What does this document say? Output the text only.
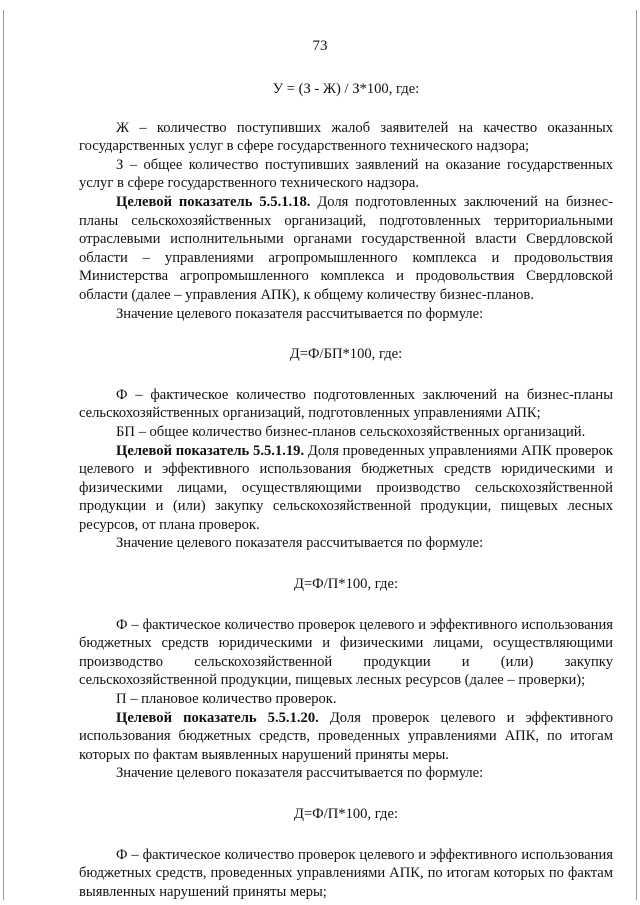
73

У = (З - Ж) / З*100, где:

Ж – количество поступивших жалоб заявителей на качество оказанных государственных услуг в сфере государственного технического надзора;

З – общее количество поступивших заявлений на оказание государственных услуг в сфере государственного технического надзора.

Целевой показатель 5.5.1.18. Доля подготовленных заключений на бизнес-планы сельскохозяйственных организаций, подготовленных территориальными отраслевыми исполнительными органами государственной власти Свердловской области – управлениями агропромышленного комплекса и продовольствия Министерства агропромышленного комплекса и продовольствия Свердловской области (далее – управления АПК), к общему количеству бизнес-планов.

Значение целевого показателя рассчитывается по формуле:

Д=Ф/БП*100, где:

Ф – фактическое количество подготовленных заключений на бизнес-планы сельскохозяйственных организаций, подготовленных управлениями АПК;

БП – общее количество бизнес-планов сельскохозяйственных организаций.

Целевой показатель 5.5.1.19. Доля проведенных управлениями АПК проверок целевого и эффективного использования бюджетных средств юридическими и физическими лицами, осуществляющими производство сельскохозяйственной продукции и (или) закупку сельскохозяйственной продукции, пищевых лесных ресурсов, от плана проверок.

Значение целевого показателя рассчитывается по формуле:

Д=Ф/П*100, где:

Ф – фактическое количество проверок целевого и эффективного использования бюджетных средств юридическими и физическими лицами, осуществляющими производство сельскохозяйственной продукции и (или) закупку сельскохозяйственной продукции, пищевых лесных ресурсов (далее – проверки);

П – плановое количество проверок.

Целевой показатель 5.5.1.20. Доля проверок целевого и эффективного использования бюджетных средств, проведенных управлениями АПК, по итогам которых по фактам выявленных нарушений приняты меры.

Значение целевого показателя рассчитывается по формуле:

Д=Ф/П*100, где:

Ф – фактическое количество проверок целевого и эффективного использования бюджетных средств, проведенных управлениями АПК, по итогам которых по фактам выявленных нарушений приняты меры;
